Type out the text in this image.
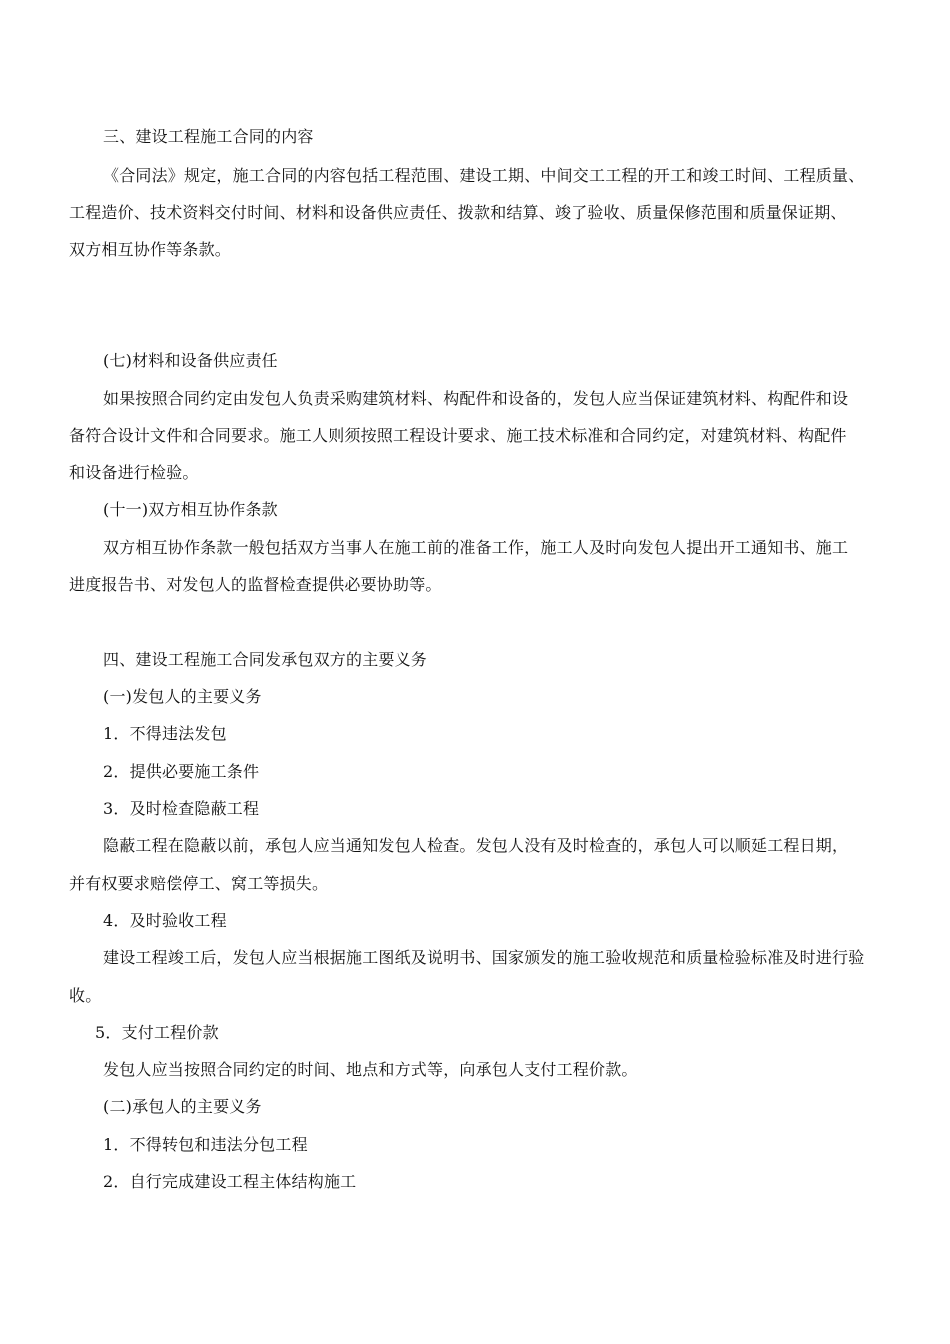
三、建设工程施工合同的内容
《合同法》规定，施工合同的内容包括工程范围、建设工期、中间交工工程的开工和竣工时间、工程质量、
工程造价、技术资料交付时间、材料和设备供应责任、拨款和结算、竣了验收、质量保修范围和质量保证期、
双方相互协作等条款。
(七)材料和设备供应责任
如果按照合同约定由发包人负责采购建筑材料、构配件和设备的，发包人应当保证建筑材料、构配件和设
备符合设计文件和合同要求。施工人则须按照工程设计要求、施工技术标准和合同约定，对建筑材料、构配件
和设备进行检验。
(十一)双方相互协作条款
双方相互协作条款一般包括双方当事人在施工前的准备工作，施工人及时向发包人提出开工通知书、施工
进度报告书、对发包人的监督检查提供必要协助等。
四、建设工程施工合同发承包双方的主要义务
(一)发包人的主要义务
1．不得违法发包
2．提供必要施工条件
3．及时检查隐蔽工程
隐蔽工程在隐蔽以前，承包人应当通知发包人检查。发包人没有及时检查的，承包人可以顺延工程日期，
并有权要求赔偿停工、窝工等损失。
4．及时验收工程
建设工程竣工后，发包人应当根据施工图纸及说明书、国家颁发的施工验收规范和质量检验标准及时进行验
收。
5．支付工程价款
发包人应当按照合同约定的时间、地点和方式等，向承包人支付工程价款。
(二)承包人的主要义务
1．不得转包和违法分包工程
2．自行完成建设工程主体结构施工
